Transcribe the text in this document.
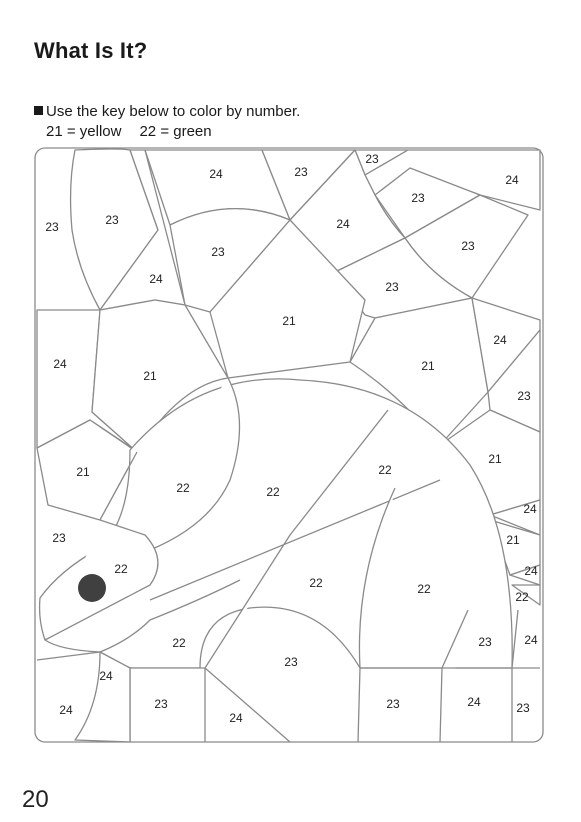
What Is It?
Use the key below to color by number.
21 = yellow 22 = green
23	23
24	23
23
24
24
23
23
24
23
21
21
24	21
24
23
21
22	22
22
23
21
23
22
21
22	22
24
22
24
22
23
23	24
24
23
24	23	24
24
23
20
